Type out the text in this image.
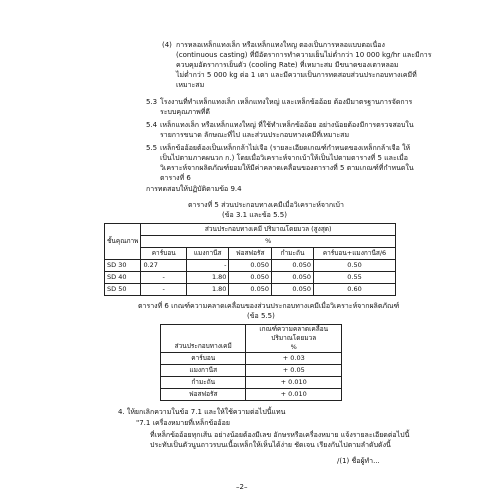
(4) การหลอเหล็กแทงเล็ก หรือเหล็กแทงใหญ ตองเป็นการหลอแบบตอเนื่อง
(continuous casting) ที่มีอัตราการทำความเย็นไม่ต่ำกว่า 10 000 kg/hr และมีการ
ควบคุมอัตราการเย็นตัว (cooling Rate) ที่เหมาะสม มีขนาดของเตาหลอม
ไม่ต่ำกว่า 5 000 kg ต่อ 1 เตา และมีความเป็นการทดสอบส่วนประกอบทางเคมีที่
เหมาะสม
5.3 โรงงานที่ทำเหล็กแทงเล็ก เหล็กแทงใหญ่ และเหล็กข้ออ้อย ต้องมีมาตรฐานการจัดการ
ระบบคุณภาพที่ดี
5.4 เหล็กแทงเล็ก หรือเหล็กแทงใหญ่ ที่ใช้ทำเหล็กข้ออ้อย อย่างน้อยต้องมีการตรวจสอบใน
รายการขนาด ลักษณะที่ไป และส่วนประกอบทางเคมีที่เหมาะสม
5.5 เหล็กข้ออ้อยต้องเป็นเหล็กกล้าไม่เจือ (รายละเอียดเกณฑ์กำหนดของเหล็กกล้าเจือ ให้
เป็นไปตามภาคผนวก ก.) โดยเมื่อวิเคราะห์จากเบ้าให้เป็นไปตามตารางที่ 5 และเมื่อ
วิเคราะห์จากผลิตภัณฑ์ยอมให้มีค่าคลาดเคลื่อนของตารางที่ 5 ตามเกณฑ์ที่กำหนดใน
ตารางที่ 6
การทดสอบให้ปฏิบัติตามข้อ 9.4
ตารางที่ 5 ส่วนประกอบทางเคมีเมื่อวิเคราะห์จากเบ้า
(ข้อ 3.1 และข้อ 5.5)
ชั้นคุณภาพ	ส่วนประกอบทางเคมี ปริมาณโดยมวล (สูงสุด)				
	%				
	คาร์บอน	แมงกานีส	ฟอสฟอรัส	กำมะถัน	คาร์บอน+แมงกานีส/6
SD 30	0.27	-	0.050	0.050	0.50
SD 40	-	1.80	0.050	0.050	0.55
SD 50	-	1.80	0.050	0.050	0.60
ตารางที่ 6 เกณฑ์ความคลาดเคลื่อนของส่วนประกอบทางเคมีเมื่อวิเคราะห์จากผลิตภัณฑ์
(ข้อ 5.5)
ส่วนประกอบทางเคมี	เกณฑ์ความคลาดเคลื่อน
ปริมาณโดยมวล
%

คาร์บอน	+ 0.03
แมงกานีส	+ 0.05
กำมะถัน	+ 0.010
ฟอสฟอรัส	+ 0.010
4. ให้ยกเลิกความในข้อ 7.1 และให้ใช้ความต่อไปนี้แทน
"7.1 เครื่องหมายที่เหล็กข้ออ้อย
ที่เหล็กข้ออ้อยทุกเส้น อย่างน้อยต้องมีเลข อักษรหรือเครื่องหมาย แจ้งรายละเอียดต่อไปนี้
ประทับเป็นตัวนูนถาวรบนเนื้อเหล็กให้เห็นได้ง่าย ชัดเจน เรียงกันไปตามลำดับดังนี้
/(1) ชื่อผู้ทำ...
–2–
